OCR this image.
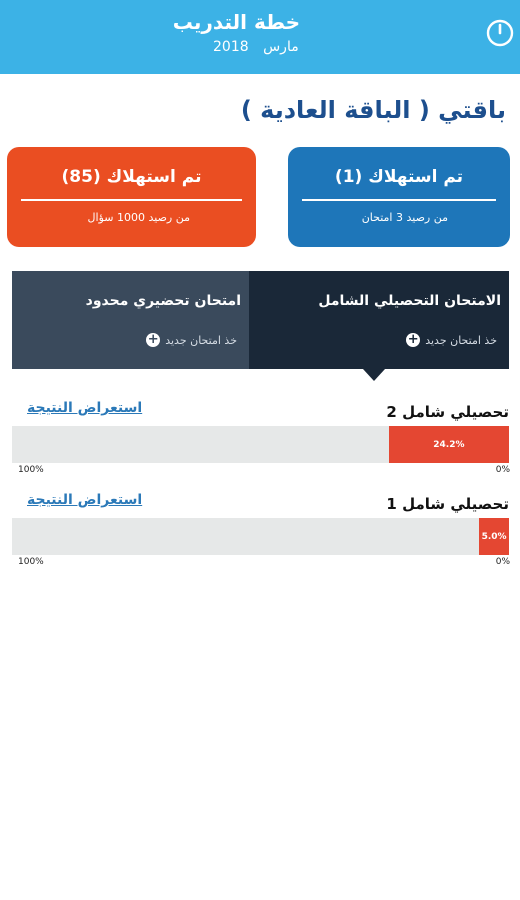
خطة التدريب
مارس 2018
باقتي ( الباقة العادية )
تم استهلاك (1)
من رصيد 3 امتحان
تم استهلاك (85)
من رصيد 1000 سؤال
الامتحان التحصيلي الشامل
خذ امتحان جديد
+
امتحان تحضيري محدود
خذ امتحان جديد
+
تحصيلي شامل 2
استعراض النتيجة
24.2%
0%
100%
تحصيلي شامل 1
استعراض النتيجة
5.0%
0%
100%
